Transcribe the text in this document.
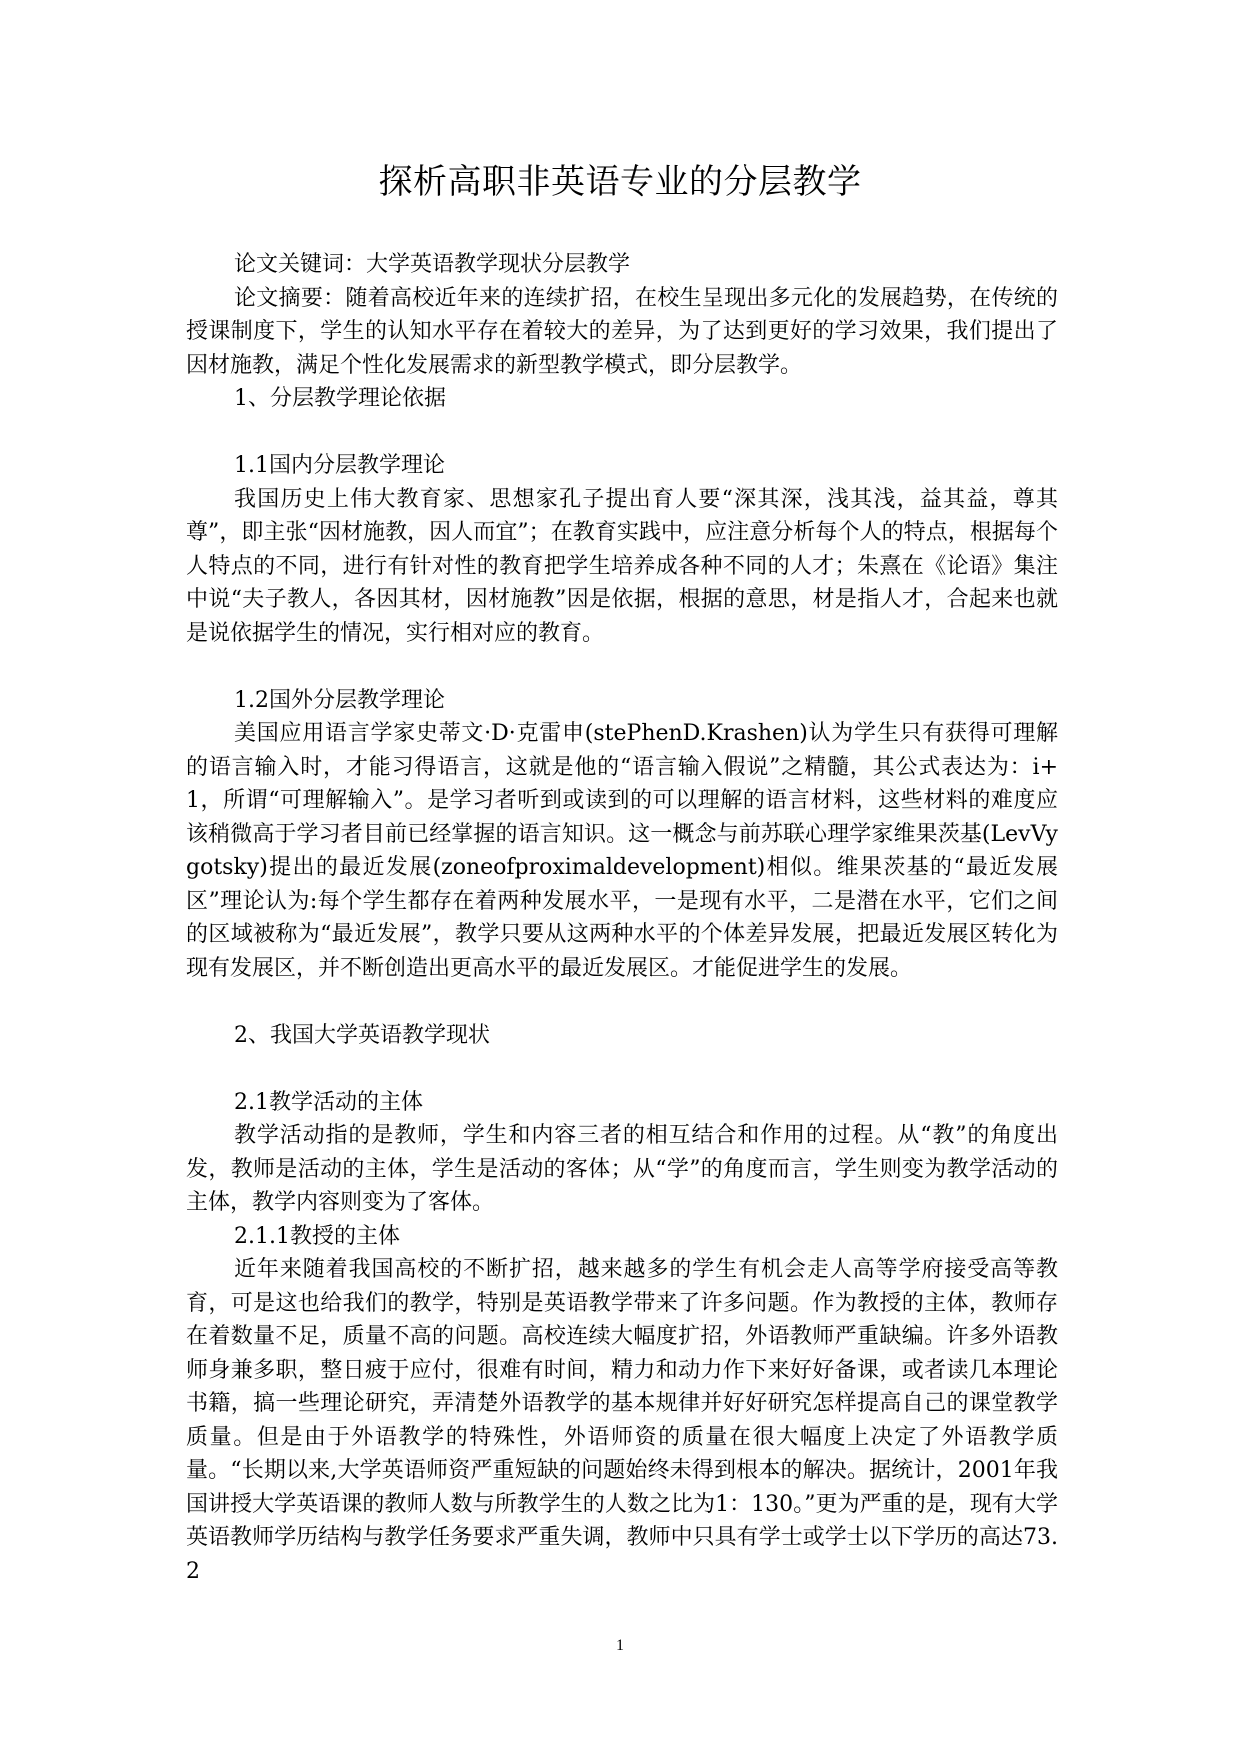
探析高职非英语专业的分层教学

论文关键词：大学英语教学现状分层教学

论文摘要：随着高校近年来的连续扩招，在校生呈现出多元化的发展趋势，在传统的授课制度下，学生的认知水平存在着较大的差异，为了达到更好的学习效果，我们提出了因材施教，满足个性化发展需求的新型教学模式，即分层教学。

1、分层教学理论依据

1.1国内分层教学理论

我国历史上伟大教育家、思想家孔子提出育人要“深其深，浅其浅，益其益，尊其尊”，即主张“因材施教，因人而宜”；在教育实践中，应注意分析每个人的特点，根据每个人特点的不同，进行有针对性的教育把学生培养成各种不同的人才；朱熹在《论语》集注中说“夫子教人，各因其材，因材施教”因是依据，根据的意思，材是指人才，合起来也就是说依据学生的情况，实行相对应的教育。

1.2国外分层教学理论

美国应用语言学家史蒂文·D·克雷申(stePhenD.Krashen)认为学生只有获得可理解的语言输入时，才能习得语言，这就是他的“语言输入假说”之精髓，其公式表达为：i+1，所谓“可理解输入”。是学习者听到或读到的可以理解的语言材料，这些材料的难度应该稍微高于学习者目前已经掌握的语言知识。这一概念与前苏联心理学家维果茨基(LevVygotsky)提出的最近发展(zoneofproximaldevelopment)相似。维果茨基的“最近发展区”理论认为:每个学生都存在着两种发展水平，一是现有水平，二是潜在水平，它们之间的区域被称为“最近发展”，教学只要从这两种水平的个体差异发展，把最近发展区转化为现有发展区，并不断创造出更高水平的最近发展区。才能促进学生的发展。

2、我国大学英语教学现状

2.1教学活动的主体

教学活动指的是教师，学生和内容三者的相互结合和作用的过程。从“教”的角度出发，教师是活动的主体，学生是活动的客体；从“学”的角度而言，学生则变为教学活动的主体，教学内容则变为了客体。

2.1.1教授的主体

近年来随着我国高校的不断扩招，越来越多的学生有机会走人高等学府接受高等教育，可是这也给我们的教学，特别是英语教学带来了许多问题。作为教授的主体，教师存在着数量不足，质量不高的问题。高校连续大幅度扩招，外语教师严重缺编。许多外语教师身兼多职，整日疲于应付，很难有时间，精力和动力作下来好好备课，或者读几本理论书籍，搞一些理论研究，弄清楚外语教学的基本规律并好好研究怎样提高自己的课堂教学质量。但是由于外语教学的特殊性，外语师资的质量在很大幅度上决定了外语教学质量。“长期以来,大学英语师资严重短缺的问题始终未得到根本的解决。据统计，2001年我国讲授大学英语课的教师人数与所教学生的人数之比为1：130。”更为严重的是，现有大学英语教师学历结构与教学任务要求严重失调，教师中只具有学士或学士以下学历的高达73.2

1
